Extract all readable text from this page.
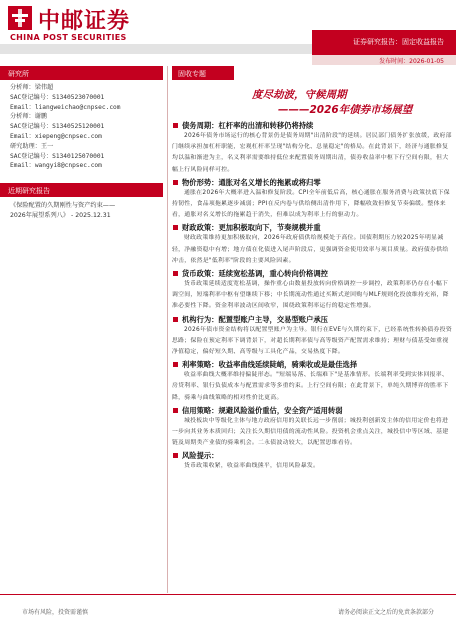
中邮证券
CHINA POST SECURITIES	证券研究报告：固定收益报告
发布时间：2026-01-05
研究所
分析师：梁伟超
SAC登记编号：S1340523070001
Email：liangweichao@cnpsec.com
分析师：谢鹏
SAC登记编号：S1340525120001
Email：xiepeng@cnpsec.com
研究助理：王一
SAC登记编号：S1340125070001
Email：wangyi8@cnpsec.com
近期研究报告
《保险配置的久期刚性与资产约束——
2026年展望系列八》 - 2025.12.31
固收专题
度尽劫波，守候周期
———2026年债券市场展望
债务周期：杠杆率的出清和转移仍将持续
2026年债务市场运行的核心背景仍是债务周期"出清阶段"的延续。居民部门债务扩张放缓，政府部门继续承担加杠杆职能，宏观杠杆率呈现"结构分化、总量稳定"的格局。在此背景下，经济与通胀修复均以温和渐进为主，名义利率需要维持低位来配置债务周期出清，债券收益率中枢下行空间有限，但大幅上行风险同样可控。
物价形势：通胀对名义增长的拖累或将归零
通胀在2026年大概率进入温和修复阶段。CPI全年前低后高，核心通胀在服务消费与政策扶底下保持韧性，食品项拖累逐步减弱；PPI在反内卷与供给侧出清作用下，降幅收敛但修复节奏偏缓。整体来看，通胀对名义增长的拖累趋于消失，但难以成为利率上行的驱动力。
财政政策：更加积极取向下，节奏规模并重
财政政策维持更加积极取向，2026年政府债供给规模处于高位。国债利期压力较2025年明显减轻，净融资稳中有增；地方债在化债进入尾声阶段后，更强调资金使用效率与项目质量。政府债券供给冲击，依然是"低利率"阶段的主要风险因素。
货币政策：延续宽松基调，重心转向价格调控
货币政策延续适度宽松基调，操作重心由数量投放转向价格调控一步调控，政策利率仍存在小幅下调空间，短端利率中枢有望继续下移；中长期流动性通过买断式逆回购与MLF规则化投放维持充裕，降准必要性下降。资金利率波动区间收窄，围绕政策利率运行的稳定性增强。
机构行为：配置型账户主导，交易型账户承压
2026年债市资金结构将以配置型账户为主导。银行在EVE与久期约束下，已经系统性转换债券投资思路；保险在预定利率下调背景下，对超长期利率债与高等级资产配置需求维持；理财与债基受如重视净值稳定，偏好短久期、高等级与工具化产品，交易热度下降。
利率策略：收益率曲线延续陡峭，骑乘收或是最佳选择
收益率曲线大概率维持偏陡形态。"短端易落、长端难下"是基准情形。长端利率受到实体回报率、房贷利率、银行负债成本与配置需求等多重约束。上行空间有限；在此背景下，单纯久期博弈的胜率下降，骑乘与曲线策略的相对性价比更高。
信用策略：规避风险溢价重估，安全资产适用转弱
城投板块中等级化主体与地方政府信用的关联长远一步削弱；城投利创新发主体的信用定价也将进一步向其业务本质回归；关注长久期信用债的流动性风险。投资机会重点关注，城投信中等区域、基建链及周期类产业债的骑乘机会。二永债波动较大，以配置思维看待。
风险提示：
货币政策收紧，收益率曲线熊平，信用风险暴发。
市场有风险，投资需谨慎	请务必阅读正文之后的免责条款部分
